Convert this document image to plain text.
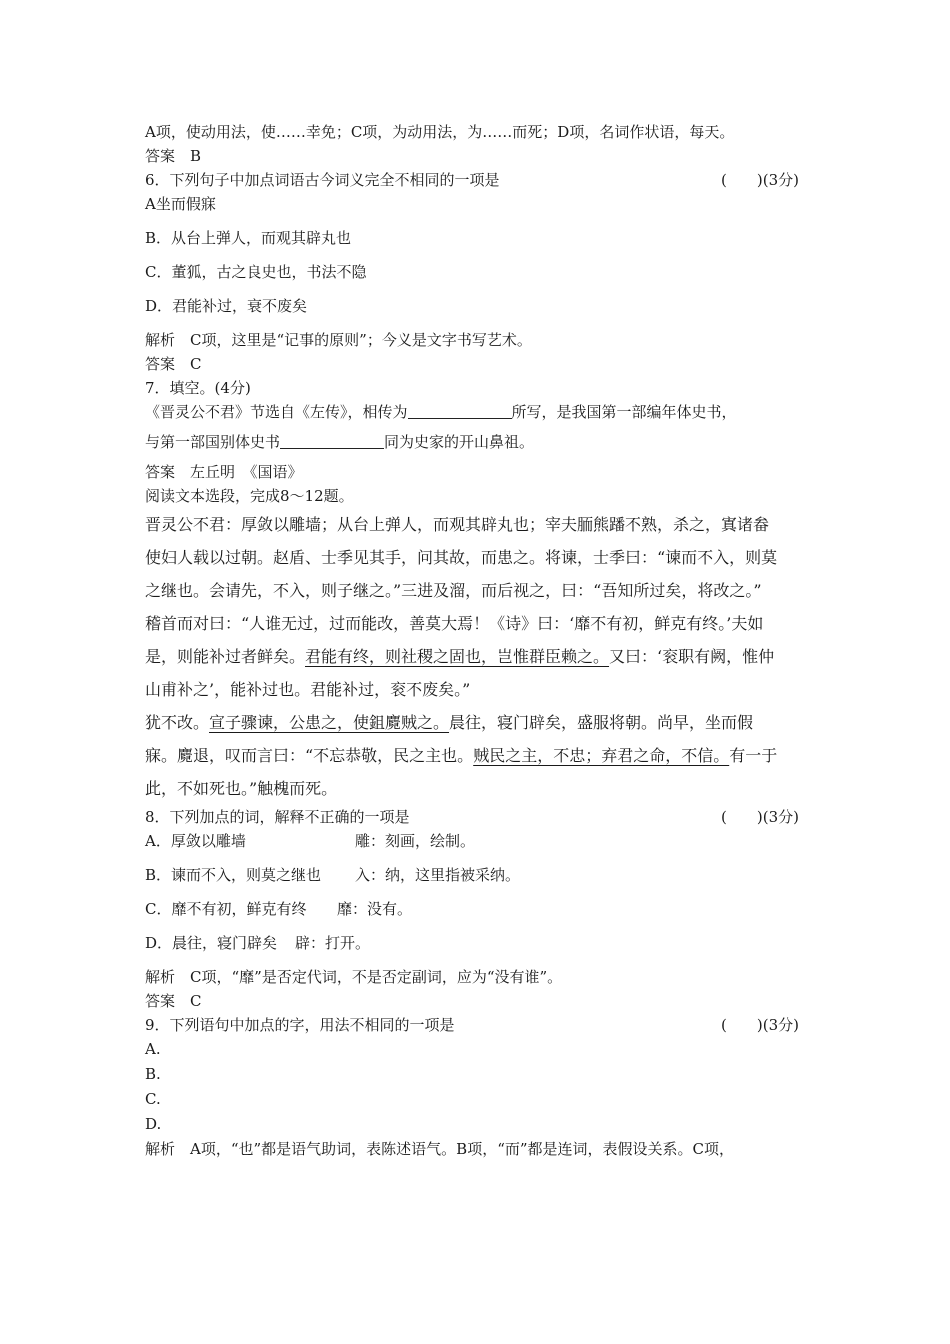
A项，使动用法，使……幸免；C项，为动用法，为……而死；D项，名词作状语，每天。
答案　B
6．下列句子中加点词语古今词义完全不相同的一项是	(　　)(3分)
A坐而假寐
B．从台上弹人，而观其辟丸也
C．董狐，古之良史也，书法不隐
D．君能补过，衰不废矣
解析　C项，这里是“记事的原则”；今义是文字书写艺术。
答案　C
7．填空。(4分)
《晋灵公不君》节选自《左传》，相传为	所写，是我国第一部编年体史书，
与第一部国别体史书	同为史家的开山鼻祖。
答案　左丘明　《国语》
阅读文本选段，完成8～12题。
晋灵公不君：厚敛以雕墙；从台上弹人，而观其辟丸也；宰夫胹熊蹯不熟，杀之，寘诸畚
使妇人载以过朝。赵盾、士季见其手，问其故，而患之。将谏，士季曰：“谏而不入，则莫
之继也。会请先，不入，则子继之。”三进及溜，而后视之，曰：“吾知所过矣，将改之。”
稽首而对曰：“人谁无过，过而能改，善莫大焉！《诗》曰：‘靡不有初，鲜克有终。’夫如
是，则能补过者鲜矣。君能有终，则社稷之固也，岂惟群臣赖之。又曰：‘衮职有阙，惟仲
山甫补之’，能补过也。君能补过，衮不废矣。”
犹不改。宣子骤谏，公患之，使鉏麑贼之。晨往，寝门辟矣，盛服将朝。尚早，坐而假
寐。麑退，叹而言曰：“不忘恭敬，民之主也。贼民之主，不忠；弃君之命，不信。有一于
此，不如死也。”触槐而死。
8．下列加点的词，解释不正确的一项是	(　　)(3分)
A．厚敛以雕墙	雕：刻画，绘制。
B．谏而不入，则莫之继也 入：纳，这里指被采纳。
C．靡不有初，鲜克有终 靡：没有。
D．晨往，寝门辟矣 辟：打开。
解析　C项，“靡”是否定代词，不是否定副词，应为“没有谁”。
答案　C
9．下列语句中加点的字，用法不相同的一项是	(　　)(3分)
A.
B.
C.
D.
解析　A项，“也”都是语气助词，表陈述语气。B项，“而”都是连词，表假设关系。C项，
